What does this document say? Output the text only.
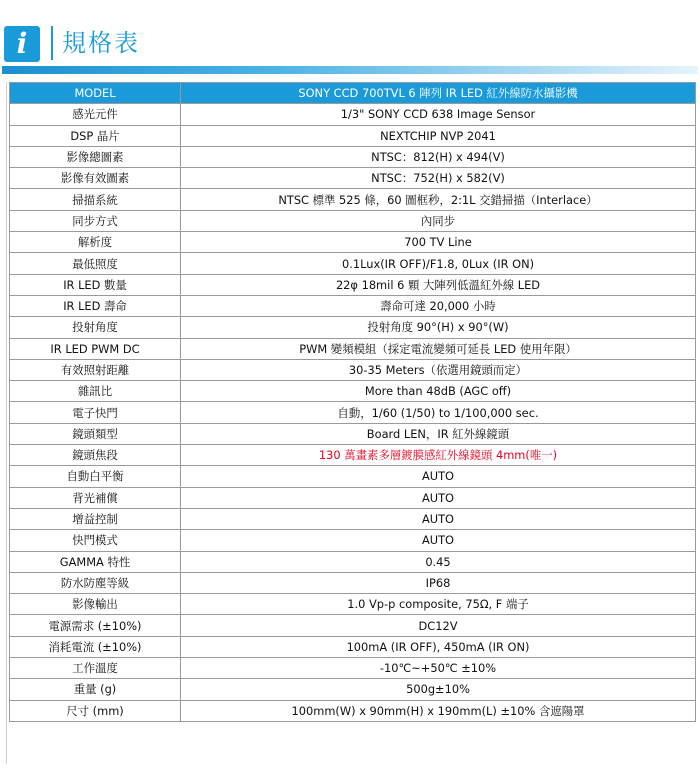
i	規格表
MODEL	SONY CCD 700TVL 6 陣列 IR LED 紅外線防水攝影機
感光元件	1/3" SONY CCD 638 Image Sensor
DSP 晶片	NEXTCHIP NVP 2041
影像總圖素	NTSC：812(H) x 494(V)
影像有效圖素	NTSC：752(H) x 582(V)
掃描系統	NTSC 標準 525 條，60 圖框秒，2:1L 交錯掃描（Interlace）
同步方式	內同步
解析度	700 TV Line
最低照度	0.1Lux(IR OFF)/F1.8, 0Lux (IR ON)
IR LED 數量	22φ 18mil 6 顆 大陣列低溫紅外線 LED
IR LED 壽命	壽命可達 20,000 小時
投射角度	投射角度 90°(H) x 90°(W)
IR LED PWM DC	PWM 變頻模組（採定電流變頻可延長 LED 使用年限）
有效照射距離	30-35 Meters（依選用鏡頭而定）
雜訊比	More than 48dB (AGC off)
電子快門	自動，1/60 (1/50) to 1/100,000 sec.
鏡頭類型	Board LEN，IR 紅外線鏡頭
鏡頭焦段	130 萬畫素多層鍍膜感紅外線鏡頭 4mm(唯一)
自動白平衡	AUTO
背光補償	AUTO
增益控制	AUTO
快門模式	AUTO
GAMMA 特性	0.45
防水防塵等級	IP68
影像輸出	1.0 Vp-p composite, 75Ω, F 端子
電源需求 (±10%)	DC12V
消耗電流 (±10%)	100mA (IR OFF), 450mA (IR ON)
工作溫度	-10℃~+50℃ ±10%
重量 (g)	500g±10%
尺寸 (mm)	100mm(W) x 90mm(H) x 190mm(L) ±10% 含遮陽罩
